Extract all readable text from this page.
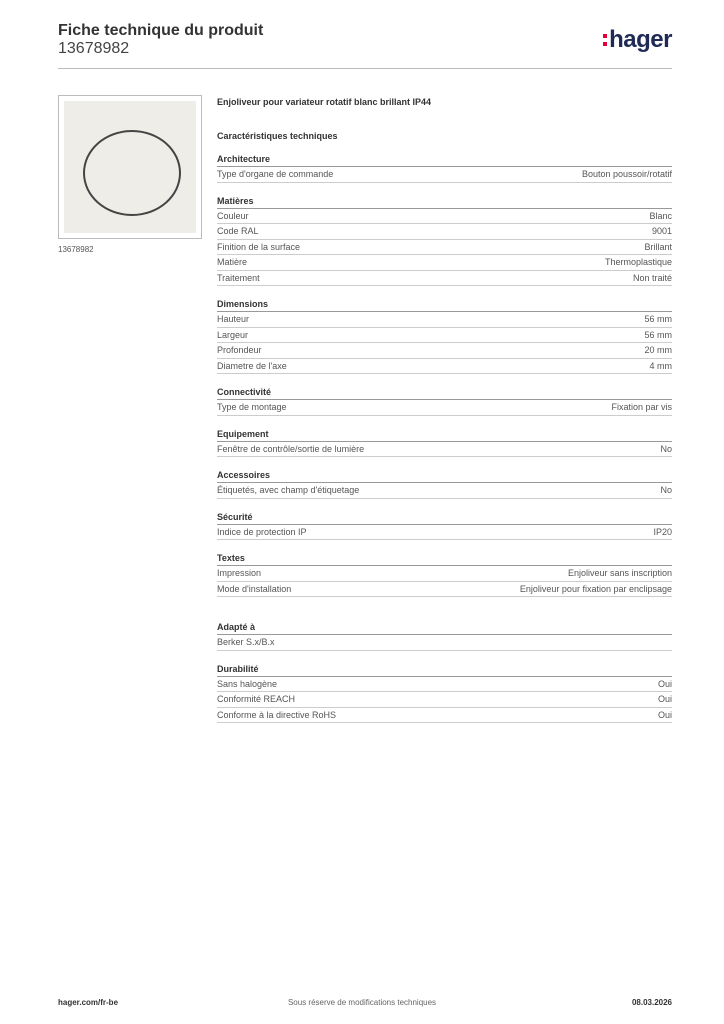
Fiche technique du produit
13678982	hager
13678982
Enjoliveur pour variateur rotatif blanc brillant IP44
Caractéristiques techniques
Architecture
Type d'organe de commande	Bouton poussoir/rotatif
Matières
Couleur	Blanc
Code RAL	9001
Finition de la surface	Brillant
Matière	Thermoplastique
Traitement	Non traité
Dimensions
Hauteur	56 mm
Largeur	56 mm
Profondeur	20 mm
Diametre de l'axe	4 mm
Connectivité
Type de montage	Fixation par vis
Equipement
Fenêtre de contrôle/sortie de lumière	No
Accessoires
Étiquetés, avec champ d'étiquetage	No
Sécurité
Indice de protection IP	IP20
Textes
Impression	Enjoliveur sans inscription
Mode d'installation	Enjoliveur pour fixation par enclipsage
Adapté à
Berker S.x/B.x
Durabilité
Sans halogène	Oui
Conformité REACH	Oui
Conforme à la directive RoHS	Oui
hager.com/fr-be	Sous réserve de modifications techniques	08.03.2026
